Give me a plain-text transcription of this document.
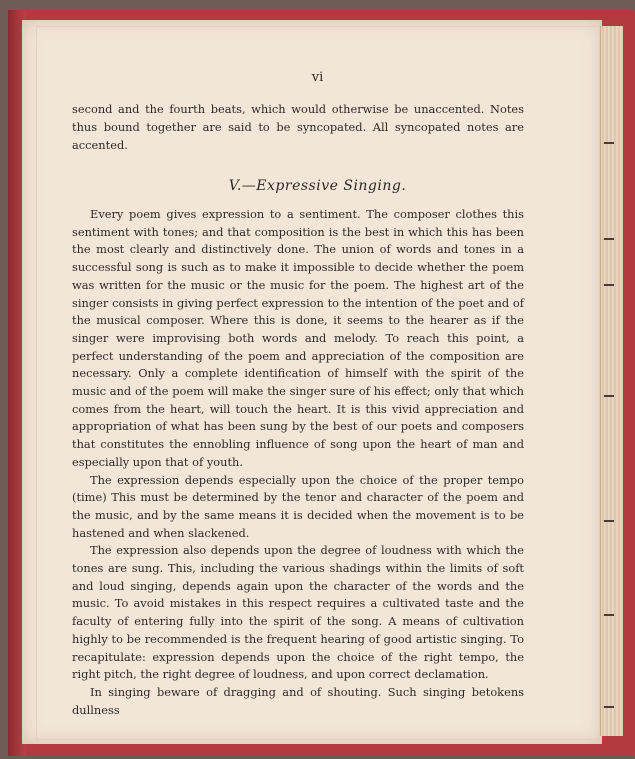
vi

second and the fourth beats, which would otherwise be unaccented. Notes thus bound together are said to be syncopated. All syncopated notes are accented.

V.—Expressive Singing.

Every poem gives expression to a sentiment. The composer clothes this sentiment with tones; and that composition is the best in which this has been the most clearly and distinctively done. The union of words and tones in a successful song is such as to make it impossible to decide whether the poem was written for the music or the music for the poem. The highest art of the singer consists in giving perfect expression to the intention of the poet and of the musical composer. Where this is done, it seems to the hearer as if the singer were improvising both words and melody. To reach this point, a perfect understanding of the poem and appreciation of the composition are necessary. Only a complete identification of himself with the spirit of the music and of the poem will make the singer sure of his effect; only that which comes from the heart, will touch the heart. It is this vivid appreciation and appropriation of what has been sung by the best of our poets and composers that constitutes the ennobling influence of song upon the heart of man and especially upon that of youth.

The expression depends especially upon the choice of the proper tempo (time) This must be determined by the tenor and character of the poem and the music, and by the same means it is decided when the movement is to be hastened and when slackened.

The expression also depends upon the degree of loudness with which the tones are sung. This, including the various shadings within the limits of soft and loud singing, depends again upon the character of the words and the music. To avoid mistakes in this respect requires a cultivated taste and the faculty of entering fully into the spirit of the song. A means of cultivation highly to be recommended is the frequent hearing of good artistic singing. To recapitulate: expression depends upon the choice of the right tempo, the right pitch, the right degree of loudness, and upon correct declamation.

In singing beware of dragging and of shouting. Such singing betokens dullness
